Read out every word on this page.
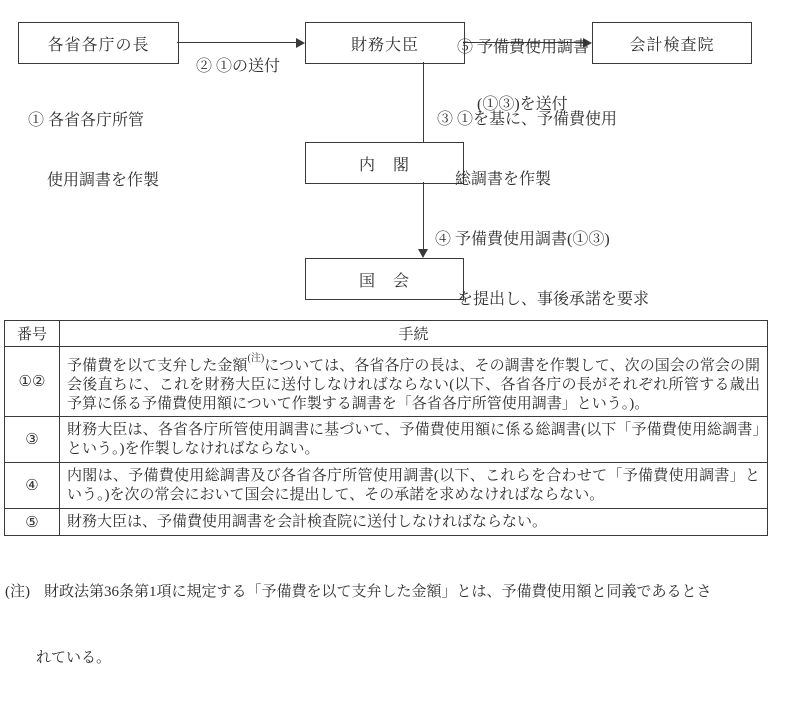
各省各庁の長	財務大臣	会計検査院
内　閣
国　会

② ①の送付

⑤ 予備費使用調書

(①③)を送付

① 各省各庁所管

使用調書を作製

③ ①を基に、予備費使用

総調書を作製

④ 予備費使用調書(①③)

を提出し、事後承諾を要求

番号	手続
①②	予備費を以て支弁した金額$^{(注)}$については、各省各庁の長は、その調書を作製して、次の国会の常会の開会後直ちに、これを財務大臣に送付しなければならない(以下、各省各庁の長がそれぞれ所管する歳出予算に係る予備費使用額について作製する調書を「各省各庁所管使用調書」という。)。
③	財務大臣は、各省各庁所管使用調書に基づいて、予備費使用額に係る総調書(以下「予備費使用総調書」という。)を作製しなければならない。
④	内閣は、予備費使用総調書及び各省各庁所管使用調書(以下、これらを合わせて「予備費使用調書」という。)を次の常会において国会に提出して、その承諾を求めなければならない。
⑤	財務大臣は、予備費使用調書を会計検査院に送付しなければならない。

(注) 財政法第36条第1項に規定する「予備費を以て支弁した金額」とは、予備費使用額と同義であるとさ

れている。
